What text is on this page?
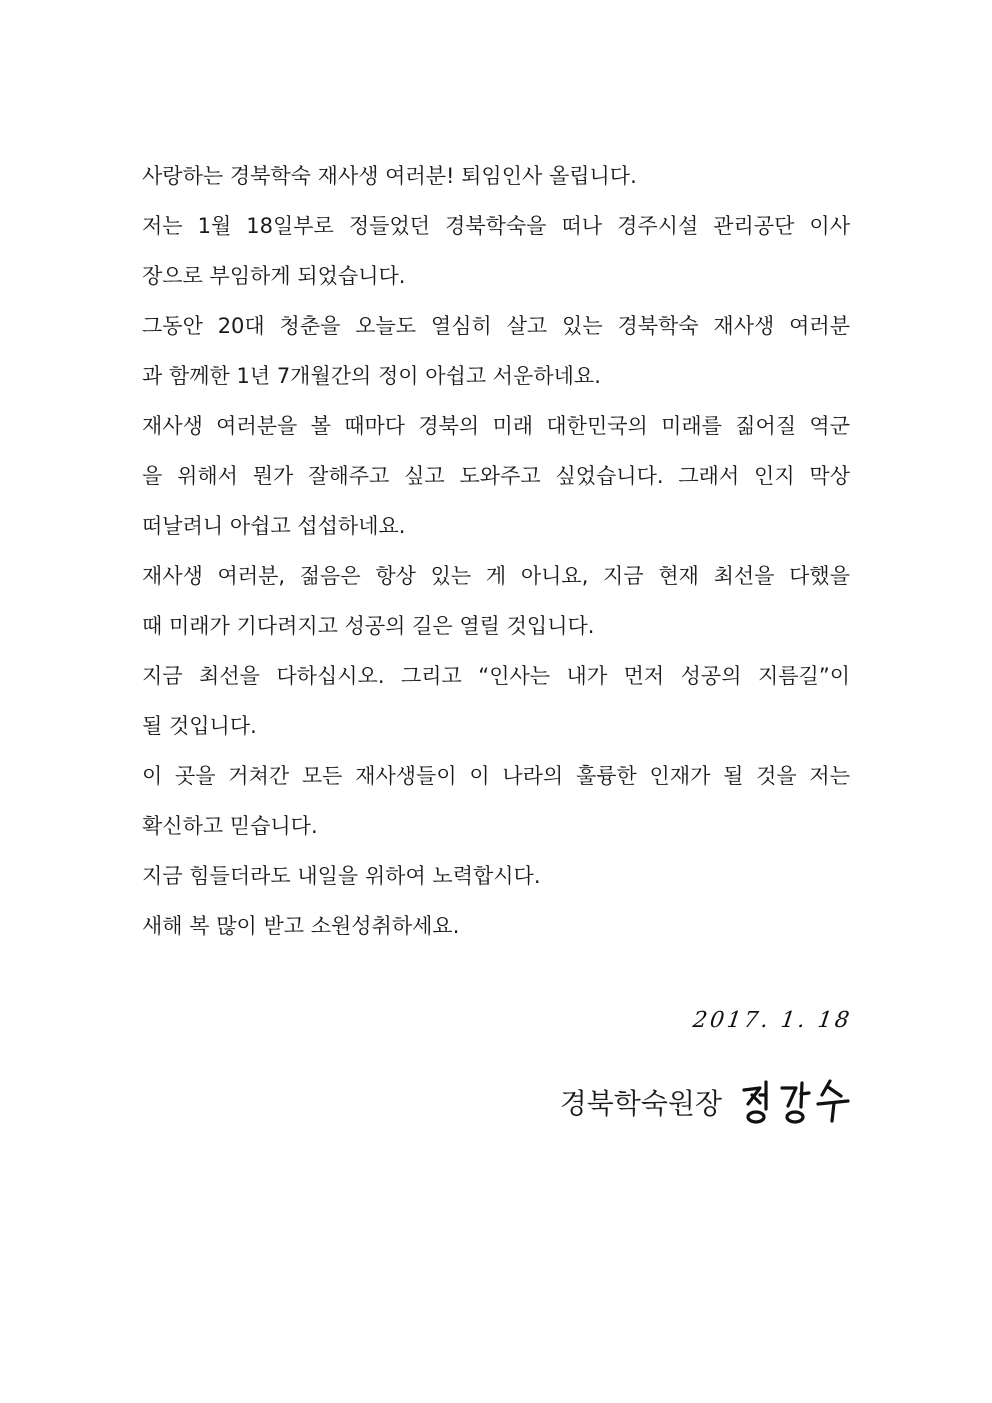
사랑하는 경북학숙 재사생 여러분! 퇴임인사 올립니다.
저는 1월 18일부로 정들었던 경북학숙을 떠나 경주시설 관리공단 이사
장으로 부임하게 되었습니다.
그동안 20대 청춘을 오늘도 열심히 살고 있는 경북학숙 재사생 여러분
과 함께한 1년 7개월간의 정이 아쉽고 서운하네요.
재사생 여러분을 볼 때마다 경북의 미래 대한민국의 미래를 짊어질 역군
을 위해서 뭔가 잘해주고 싶고 도와주고 싶었습니다. 그래서 인지 막상
떠날려니 아쉽고 섭섭하네요.
재사생 여러분, 젊음은 항상 있는 게 아니요, 지금 현재 최선을 다했을
때 미래가 기다려지고 성공의 길은 열릴 것입니다.
지금 최선을 다하십시오. 그리고 “인사는 내가 먼저 성공의 지름길”이
될 것입니다.
이 곳을 거쳐간 모든 재사생들이 이 나라의 훌륭한 인재가 될 것을 저는
확신하고 믿습니다.
지금 힘들더라도 내일을 위하여 노력합시다.
새해 복 많이 받고 소원성취하세요.
2017. 1. 18
경북학숙원장
